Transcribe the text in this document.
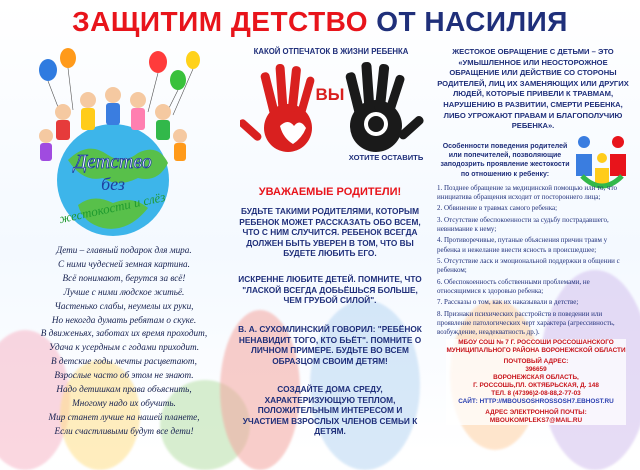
ЗАЩИТИМ ДЕТСТВО ОТ НАСИЛИЯ
Детство
без
жестокости и слёз
Дети – главный подарок для мира.
С ними чудесней земная картина.
Всё понимают, берутся за всё!
Лучше с ними людское житьё.
Частенько слабы, неумелы их руки,
Но некогда думать ребятам о скуке.
В движеньях, заботах их время проходит,
Удача к усердным с годами приходит.
В детские годы мечты расцветают,
Взрослые часто об этом не знают.
Надо детишкам права объяснить,
Многому надо их обучить.
Мир станет лучше на нашей планете,
Если счастливыми будут все дети!
КАКОЙ ОТПЕЧАТОК В ЖИЗНИ РЕБЕНКА
ВЫ
ХОТИТЕ ОСТАВИТЬ
ЖЕСТОКОЕ ОБРАЩЕНИЕ С ДЕТЬМИ – ЭТО «УМЫШЛЕННОЕ ИЛИ НЕОСТОРОЖНОЕ ОБРАЩЕНИЕ ИЛИ ДЕЙСТВИЕ СО СТОРОНЫ РОДИТЕЛЕЙ, ЛИЦ ИХ ЗАМЕНЯЮЩИХ ИЛИ ДРУГИХ ЛЮДЕЙ, КОТОРЫЕ ПРИВЕЛИ К ТРАВМАМ, НАРУШЕНИЮ В РАЗВИТИИ, СМЕРТИ РЕБЕНКА, ЛИБО УГРОЖАЮТ ПРАВАМ И БЛАГОПОЛУЧИЮ РЕБЕНКА».
УВАЖАЕМЫЕ РОДИТЕЛИ!
БУДЬТЕ ТАКИМИ РОДИТЕЛЯМИ, КОТОРЫМ РЕБЕНОК МОЖЕТ РАССКАЗАТЬ ОБО ВСЕМ, ЧТО С НИМ СЛУЧИТСЯ. РЕБЕНОК ВСЕГДА ДОЛЖЕН БЫТЬ УВЕРЕН В ТОМ, ЧТО ВЫ БУДЕТЕ ЛЮБИТЬ ЕГО.
ИСКРЕННЕ ЛЮБИТЕ ДЕТЕЙ. ПОМНИТЕ, ЧТО "ЛАСКОЙ ВСЕГДА ДОБЬЁШЬСЯ БОЛЬШЕ, ЧЕМ ГРУБОЙ СИЛОЙ".
В. А. СУХОМЛИНСКИЙ ГОВОРИЛ: "РЕБЁНОК НЕНАВИДИТ ТОГО, КТО БЬЁТ". ПОМНИТЕ О ЛИЧНОМ ПРИМЕРЕ. БУДЬТЕ ВО ВСЕМ ОБРАЗЦОМ СВОИМ ДЕТЯМ!
СОЗДАЙТЕ ДОМА СРЕДУ, ХАРАКТЕРИЗУЮЩУЮ ТЕПЛОМ, ПОЛОЖИТЕЛЬНЫМ ИНТЕРЕСОМ И УЧАСТИЕМ ВЗРОСЛЫХ ЧЛЕНОВ СЕМЬИ К ДЕТЯМ.
Особенности поведения родителей или попечителей, позволяющие заподозрить проявление жестокости по отношению к ребенку:
1. Позднее обращение за медицинской помощью или то, что инициатива обращения исходит от постороннего лица;
2. Обвинение в травмах самого ребенка;
3. Отсутствие обеспокоенности за судьбу пострадавшего, невнимание к нему;
4. Противоречивые, путаные объяснения причин травм у ребенка и нежелание внести ясность в происшедшее;
5. Отсутствие ласк и эмоциональной поддержки в общении с ребенком;
6. Обеспокоенность собственными проблемами, не относящимися к здоровью ребенка;
7. Рассказы о том, как их наказывали в детстве;
8. Признаки психических расстройств в поведении или проявление патологических черт характера (агрессивность, возбуждение, неадекватность др.).
МБОУ СОШ № 7 Г. РОССОШИ РОССОШАНСКОГО МУНИЦИПАЛЬНОГО РАЙОНА ВОРОНЕЖСКОЙ ОБЛАСТИ
ПОЧТОВЫЙ АДРЕС:
396659
ВОРОНЕЖСКАЯ ОБЛАСТЬ,
Г. РОССОШЬ,ПЛ. ОКТЯБРЬСКАЯ, Д. 148
ТЕЛ. 8 (47396)2-08-88,2-77-03
САЙТ: HTTP://MBOUSOSHROSSOSH7.EBHOST.RU
АДРЕС ЭЛЕКТРОННОЙ ПОЧТЫ:
MBOUKOMPLEKS7@MAIL.RU
